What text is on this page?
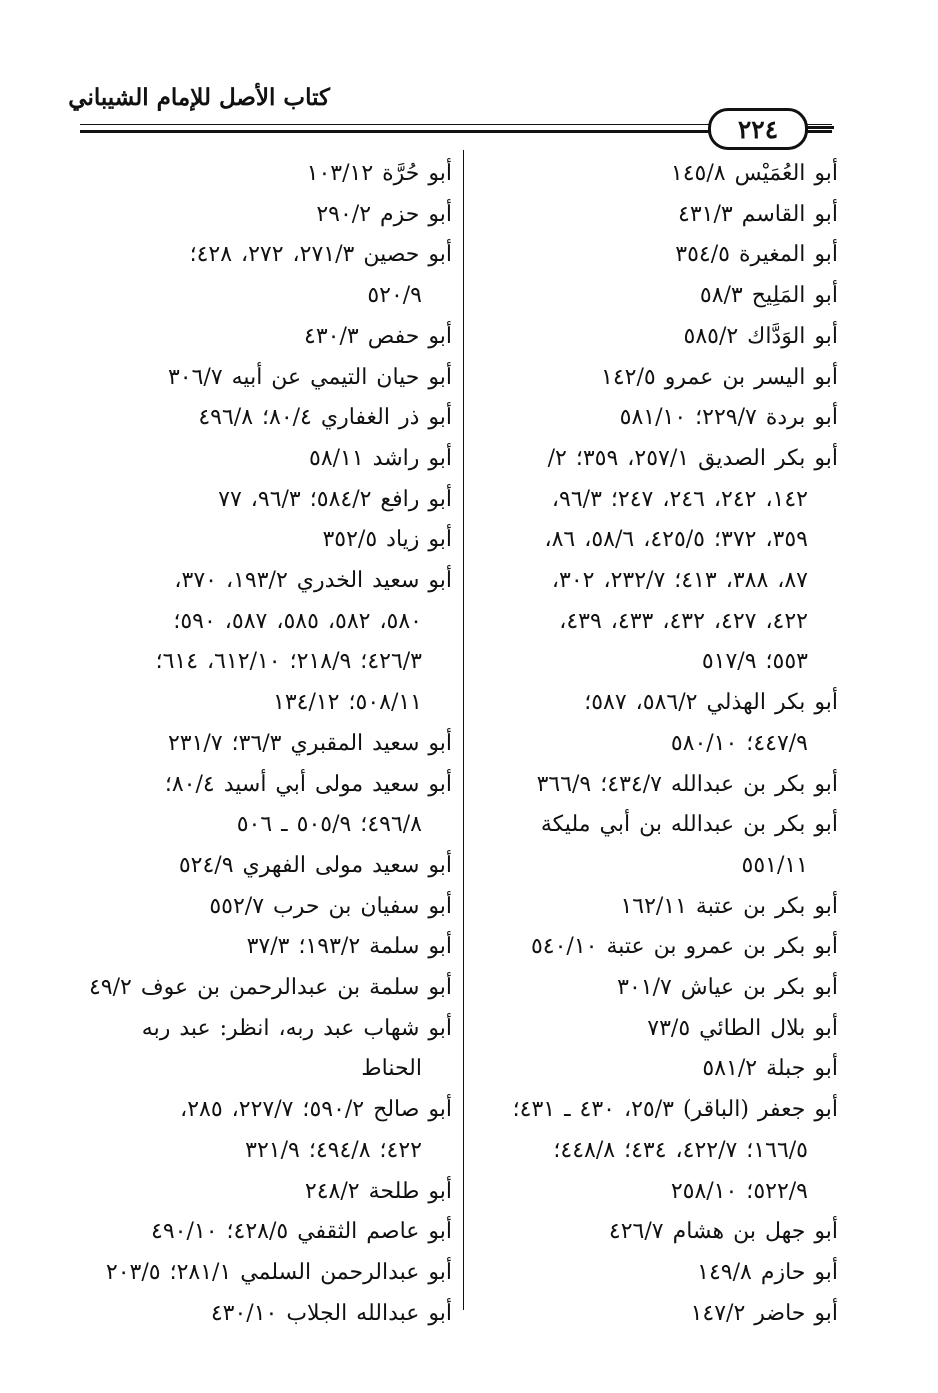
كتاب الأصل للإمام الشيباني
٢٢٤
أبو العُمَيْس ١٤٥/٨
أبو القاسم ٤٣١/٣
أبو المغيرة ٣٥٤/٥
أبو المَلِيح ٥٨/٣
أبو الوَدَّاك ٥٨٥/٢
أبو اليسر بن عمرو ١٤٢/٥
أبو بردة ٢٢٩/٧؛ ٥٨١/١٠
أبو بكر الصديق ٢٥٧/١، ٣٥٩؛ ٢/
١٤٢، ٢٤٢، ٢٤٦، ٢٤٧؛ ٩٦/٣،
٣٥٩، ٣٧٢؛ ٤٢٥/٥، ٥٨/٦، ٨٦،
٨٧، ٣٨٨، ٤١٣؛ ٢٣٢/٧، ٣٠٢،
٤٢٢، ٤٢٧، ٤٣٢، ٤٣٣، ٤٣٩،
٥٥٣؛ ٥١٧/٩
أبو بكر الهذلي ٥٨٦/٢، ٥٨٧؛
٤٤٧/٩؛ ٥٨٠/١٠
أبو بكر بن عبدالله ٤٣٤/٧؛ ٣٦٦/٩
أبو بكر بن عبدالله بن أبي مليكة
٥٥١/١١
أبو بكر بن عتبة ١٦٢/١١
أبو بكر بن عمرو بن عتبة ٥٤٠/١٠
أبو بكر بن عياش ٣٠١/٧
أبو بلال الطائي ٧٣/٥
أبو جبلة ٥٨١/٢
أبو جعفر (الباقر) ٢٥/٣، ٤٣٠ ـ ٤٣١؛
١٦٦/٥؛ ٤٢٢/٧، ٤٣٤؛ ٤٤٨/٨؛
٥٢٢/٩؛ ٢٥٨/١٠
أبو جهل بن هشام ٤٢٦/٧
أبو حازم ١٤٩/٨
أبو حاضر ١٤٧/٢
أبو حُرَّة ١٠٣/١٢
أبو حزم ٢٩٠/٢
أبو حصين ٢٧١/٣، ٢٧٢، ٤٢٨؛
٥٢٠/٩
أبو حفص ٤٣٠/٣
أبو حيان التيمي عن أبيه ٣٠٦/٧
أبو ذر الغفاري ٨٠/٤؛ ٤٩٦/٨
أبو راشد ٥٨/١١
أبو رافع ٥٨٤/٢؛ ٩٦/٣، ٧٧
أبو زياد ٣٥٢/٥
أبو سعيد الخدري ١٩٣/٢، ٣٧٠،
٥٨٠، ٥٨٢، ٥٨٥، ٥٨٧، ٥٩٠؛
٤٢٦/٣؛ ٢١٨/٩؛ ٦١٢/١٠، ٦١٤؛
٥٠٨/١١؛ ١٣٤/١٢
أبو سعيد المقبري ٣٦/٣؛ ٢٣١/٧
أبو سعيد مولى أبي أسيد ٨٠/٤؛
٤٩٦/٨؛ ٥٠٥/٩ ـ ٥٠٦
أبو سعيد مولى الفهري ٥٢٤/٩
أبو سفيان بن حرب ٥٥٢/٧
أبو سلمة ١٩٣/٢؛ ٣٧/٣
أبو سلمة بن عبدالرحمن بن عوف ٤٩/٢
أبو شهاب عبد ربه، انظر: عبد ربه
الحناط
أبو صالح ٥٩٠/٢؛ ٢٢٧/٧، ٢٨٥،
٤٢٢؛ ٤٩٤/٨؛ ٣٢١/٩
أبو طلحة ٢٤٨/٢
أبو عاصم الثقفي ٤٢٨/٥؛ ٤٩٠/١٠
أبو عبدالرحمن السلمي ٢٨١/١؛ ٢٠٣/٥
أبو عبدالله الجلاب ٤٣٠/١٠
